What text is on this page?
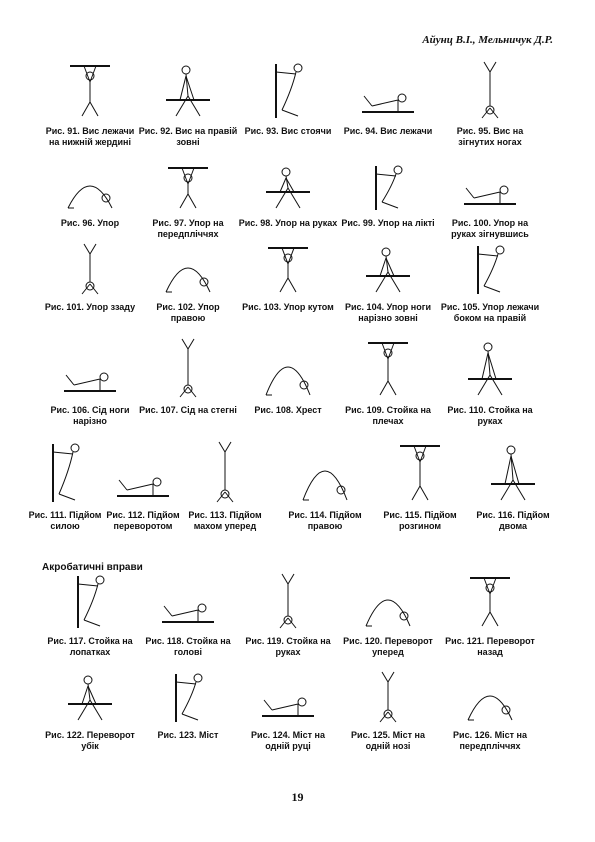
Айунц В.І., Мельничук Д.Р.
Рис. 91. Вис лежачи на нижній жердині
Рис. 92. Вис на правій зовні
Рис. 93. Вис стоячи	Рис. 94. Вис лежачи	Рис. 95. Вис на зігнутих ногах
Рис. 96. Упор	Рис. 97. Упор на передпліччях
Рис. 98. Упор на руках Рис. 99. Упор на лікті	Рис. 100. Упор на руках зігнувшись
Рис. 101. Упор ззаду	Рис. 102. Упор правою
Рис. 103. Упор кутом	Рис. 104. Упор ноги нарізно зовні
Рис. 105. Упор лежачи боком на правій
Рис. 106. Сід ноги нарізно
Рис. 107. Сід на стегні	Рис. 108. Хрест	Рис. 109. Стойка на плечах
Рис. 110. Стойка на руках
Рис. 111. Підйом силою
Рис. 112. Підйом переворотом
Рис. 113. Підйом махом уперед
Рис. 114. Підйом правою
Рис. 115. Підйом розгином
Рис. 116. Підйом двома
Рис. 117. Стойка на лопатках
Рис. 118. Стойка на голові
Рис. 119. Стойка на руках
Рис. 120. Переворот уперед
Рис. 121. Переворот назад
Рис. 122. Переворот убік
Рис. 123. Міст	Рис. 124. Міст на одній руці
Рис. 125. Міст на одній нозі
Рис. 126. Міст на передпліччях
Акробатичні вправи
19
